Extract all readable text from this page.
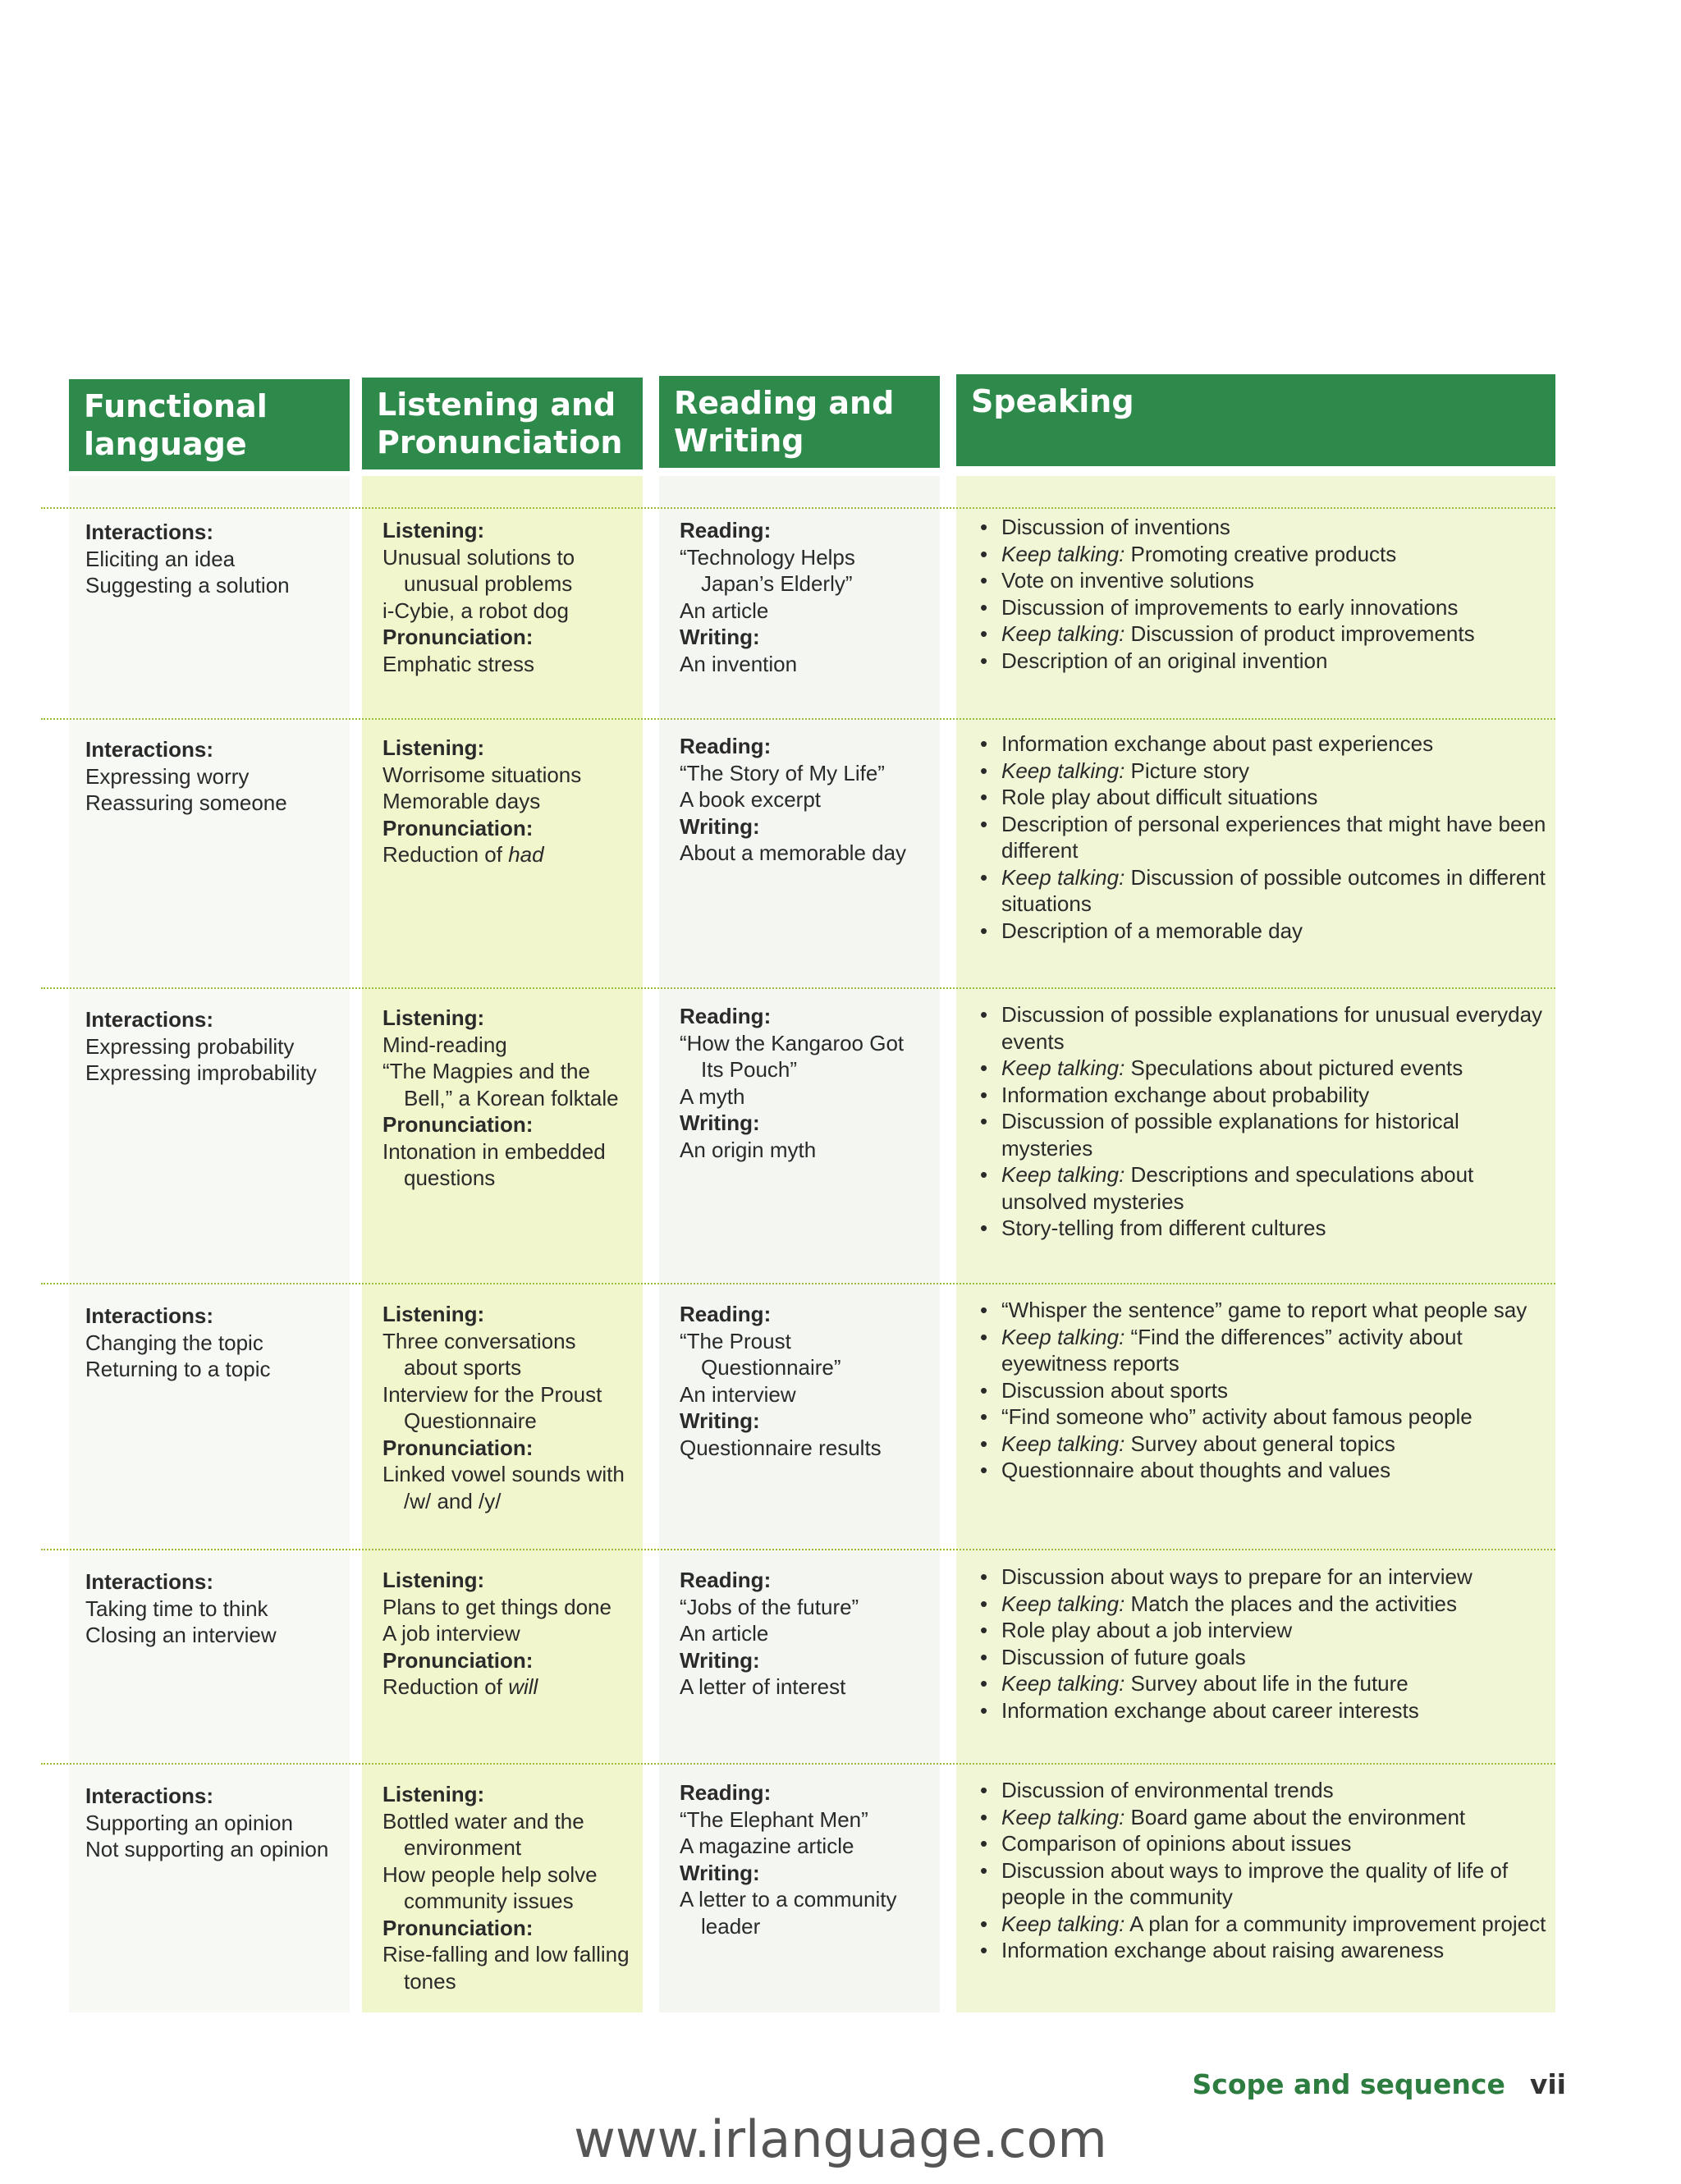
Functional
language
Listening and
Pronunciation
Reading and
Writing
Speaking
Interactions:
Eliciting an idea
Suggesting a solution
Listening:
Unusual solutions to
unusual problems
i-Cybie, a robot dog
Pronunciation:
Emphatic stress
Reading:
“Technology Helps
Japan’s Elderly”
An article
Writing:
An invention
• Discussion of inventions
• Keep talking: Promoting creative products
• Vote on inventive solutions
• Discussion of improvements to early innovations
• Keep talking: Discussion of product improvements
• Description of an original invention
Interactions:
Expressing worry
Reassuring someone
Listening:
Worrisome situations
Memorable days
Pronunciation:
Reduction of had
Reading:
“The Story of My Life”
A book excerpt
Writing:
About a memorable day
• Information exchange about past experiences
• Keep talking: Picture story
• Role play about difficult situations
• Description of personal experiences that might have been different
• Keep talking: Discussion of possible outcomes in different situations
• Description of a memorable day
Interactions:
Expressing probability
Expressing improbability
Listening:
Mind-reading
“The Magpies and the
Bell,” a Korean folktale
Pronunciation:
Intonation in embedded
questions
Reading:
“How the Kangaroo Got
Its Pouch”
A myth
Writing:
An origin myth
• Discussion of possible explanations for unusual everyday events
• Keep talking: Speculations about pictured events
• Information exchange about probability
• Discussion of possible explanations for historical mysteries
• Keep talking: Descriptions and speculations about unsolved mysteries
• Story-telling from different cultures
Interactions:
Changing the topic
Returning to a topic
Listening:
Three conversations
about sports
Interview for the Proust
Questionnaire
Pronunciation:
Linked vowel sounds with
/w/ and /y/
Reading:
“The Proust
Questionnaire”
An interview
Writing:
Questionnaire results
• “Whisper the sentence” game to report what people say
• Keep talking: “Find the differences” activity about eyewitness reports
• Discussion about sports
• “Find someone who” activity about famous people
• Keep talking: Survey about general topics
• Questionnaire about thoughts and values
Interactions:
Taking time to think
Closing an interview
Listening:
Plans to get things done
A job interview
Pronunciation:
Reduction of will
Reading:
“Jobs of the future”
An article
Writing:
A letter of interest
• Discussion about ways to prepare for an interview
• Keep talking: Match the places and the activities
• Role play about a job interview
• Discussion of future goals
• Keep talking: Survey about life in the future
• Information exchange about career interests
Interactions:
Supporting an opinion
Not supporting an opinion
Listening:
Bottled water and the
environment
How people help solve
community issues
Pronunciation:
Rise-falling and low falling
tones
Reading:
“The Elephant Men”
A magazine article
Writing:
A letter to a community
leader
• Discussion of environmental trends
• Keep talking: Board game about the environment
• Comparison of opinions about issues
• Discussion about ways to improve the quality of life of people in the community
• Keep talking: A plan for a community improvement project
• Information exchange about raising awareness
Scope and sequence vii
www.irlanguage.com
